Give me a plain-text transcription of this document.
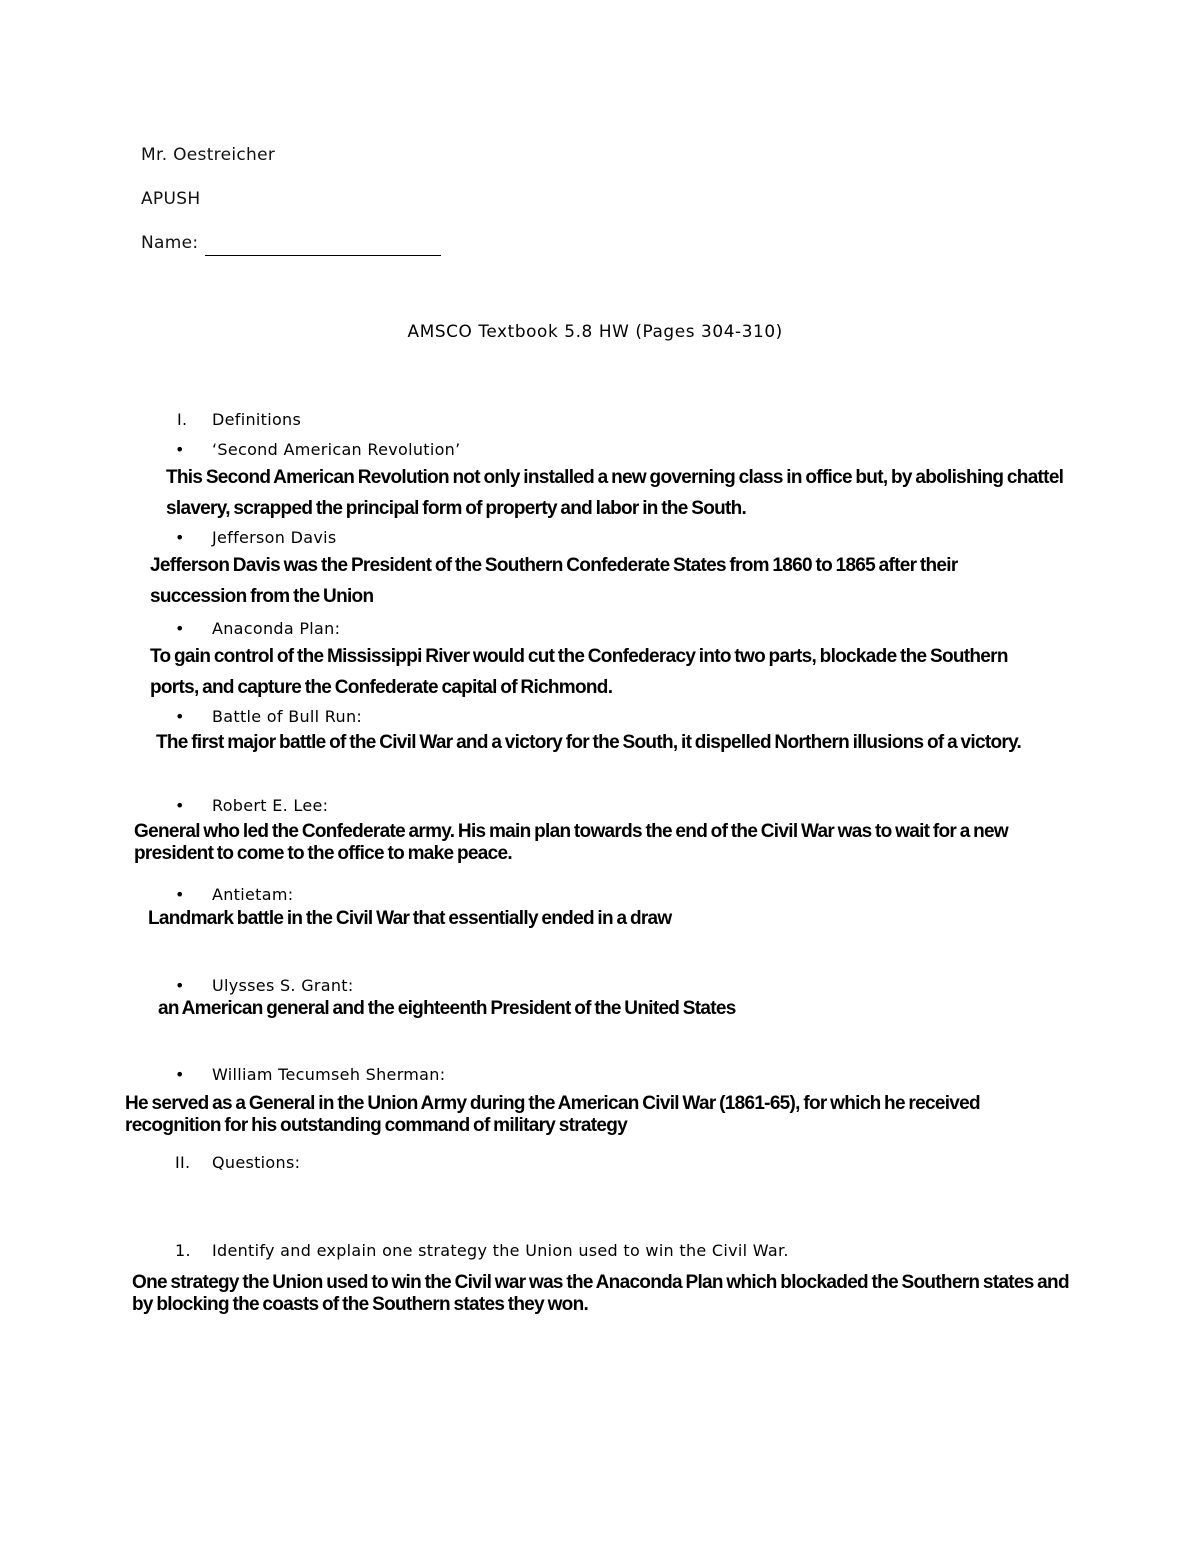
Mr. Oestreicher
APUSH
Name:
AMSCO Textbook 5.8 HW (Pages 304-310)
I. Definitions
• ‘Second American Revolution’
This Second American Revolution not only installed a new governing class in office but, by abolishing chattel
slavery, scrapped the principal form of property and labor in the South.
• Jefferson Davis
Jefferson Davis was the President of the Southern Confederate States from 1860 to 1865 after their
succession from the Union
• Anaconda Plan:
To gain control of the Mississippi River would cut the Confederacy into two parts, blockade the Southern
ports, and capture the Confederate capital of Richmond.
• Battle of Bull Run:
The first major battle of the Civil War and a victory for the South, it dispelled Northern illusions of a victory.
• Robert E. Lee:
General who led the Confederate army. His main plan towards the end of the Civil War was to wait for a new
president to come to the office to make peace.
• Antietam:
Landmark battle in the Civil War that essentially ended in a draw
• Ulysses S. Grant:
an American general and the eighteenth President of the United States
• William Tecumseh Sherman:
He served as a General in the Union Army during the American Civil War (1861-65), for which he received
recognition for his outstanding command of military strategy
II. Questions:
1. Identify and explain one strategy the Union used to win the Civil War.
One strategy the Union used to win the Civil war was the Anaconda Plan which blockaded the Southern states and
by blocking the coasts of the Southern states they won.
